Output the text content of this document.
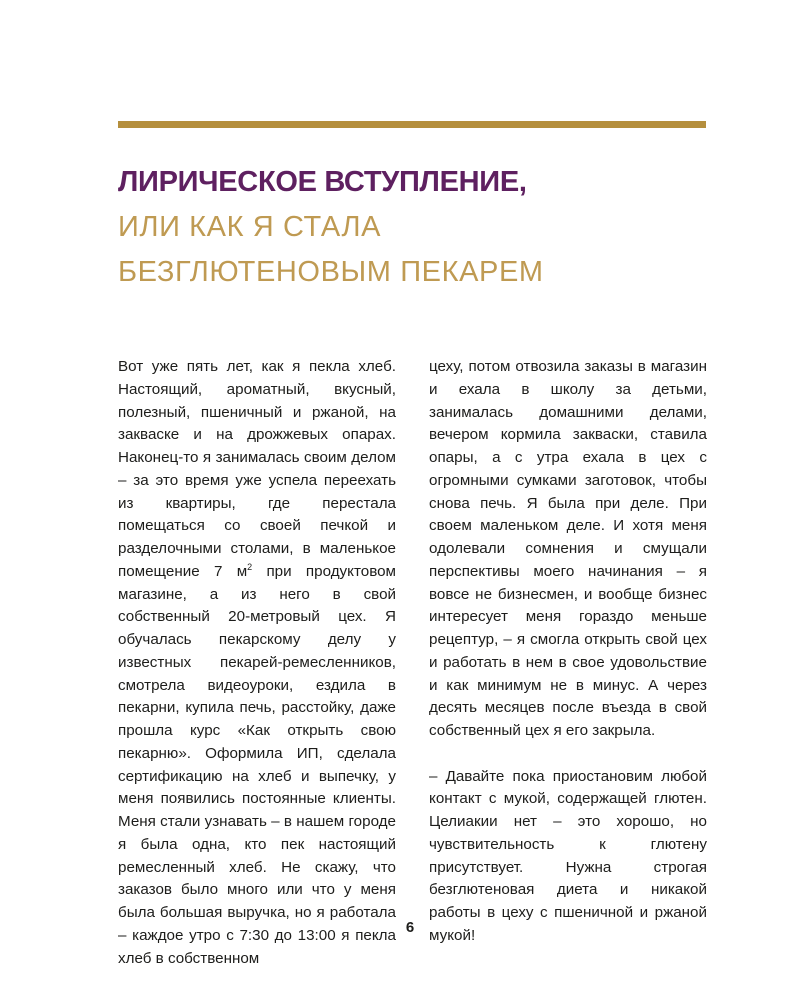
ЛИРИЧЕСКОЕ ВСТУПЛЕНИЕ,
ИЛИ КАК Я СТАЛА
БЕЗГЛЮТЕНОВЫМ ПЕКАРЕМ

Вот уже пять лет, как я пекла хлеб. Настоящий, ароматный, вкусный, полезный, пшеничный и ржаной, на закваске и на дрожжевых опарах. Наконец-то я занималась своим делом – за это время уже успела переехать из квартиры, где перестала помещаться со своей печкой и разделочными столами, в маленькое помещение 7 $м^2$ при продуктовом магазине, а из него в свой собственный 20-метровый цех. Я обучалась пекарскому делу у известных пекарей-ремесленников, смотрела видеоуроки, ездила в пекарни, купила печь, расстойку, даже прошла курс «Как открыть свою пекарню». Оформила ИП, сделала сертификацию на хлеб и выпечку, у меня появились постоянные клиенты. Меня стали узнавать – в нашем городе я была одна, кто пек настоящий ремесленный хлеб. Не скажу, что заказов было много или что у меня была большая выручка, но я работала – каждое утро с 7:30 до 13:00 я пекла хлеб в собственном

цеху, потом отвозила заказы в магазин и ехала в школу за детьми, занималась домашними делами, вечером кормила закваски, ставила опары, а с утра ехала в цех с огромными сумками заготовок, чтобы снова печь. Я была при деле. При своем маленьком деле. И хотя меня одолевали сомнения и смущали перспективы моего начинания – я вовсе не бизнесмен, и вообще бизнес интересует меня гораздо меньше рецептур, – я смогла открыть свой цех и работать в нем в свое удовольствие и как минимум не в минус. А через десять месяцев после въезда в свой собственный цех я его закрыла.

– Давайте пока приостановим любой контакт с мукой, содержащей глютен. Целиакии нет – это хорошо, но чувствительность к глютену присутствует. Нужна строгая безглютеновая диета и никакой работы в цеху с пшеничной и ржаной мукой!

6
